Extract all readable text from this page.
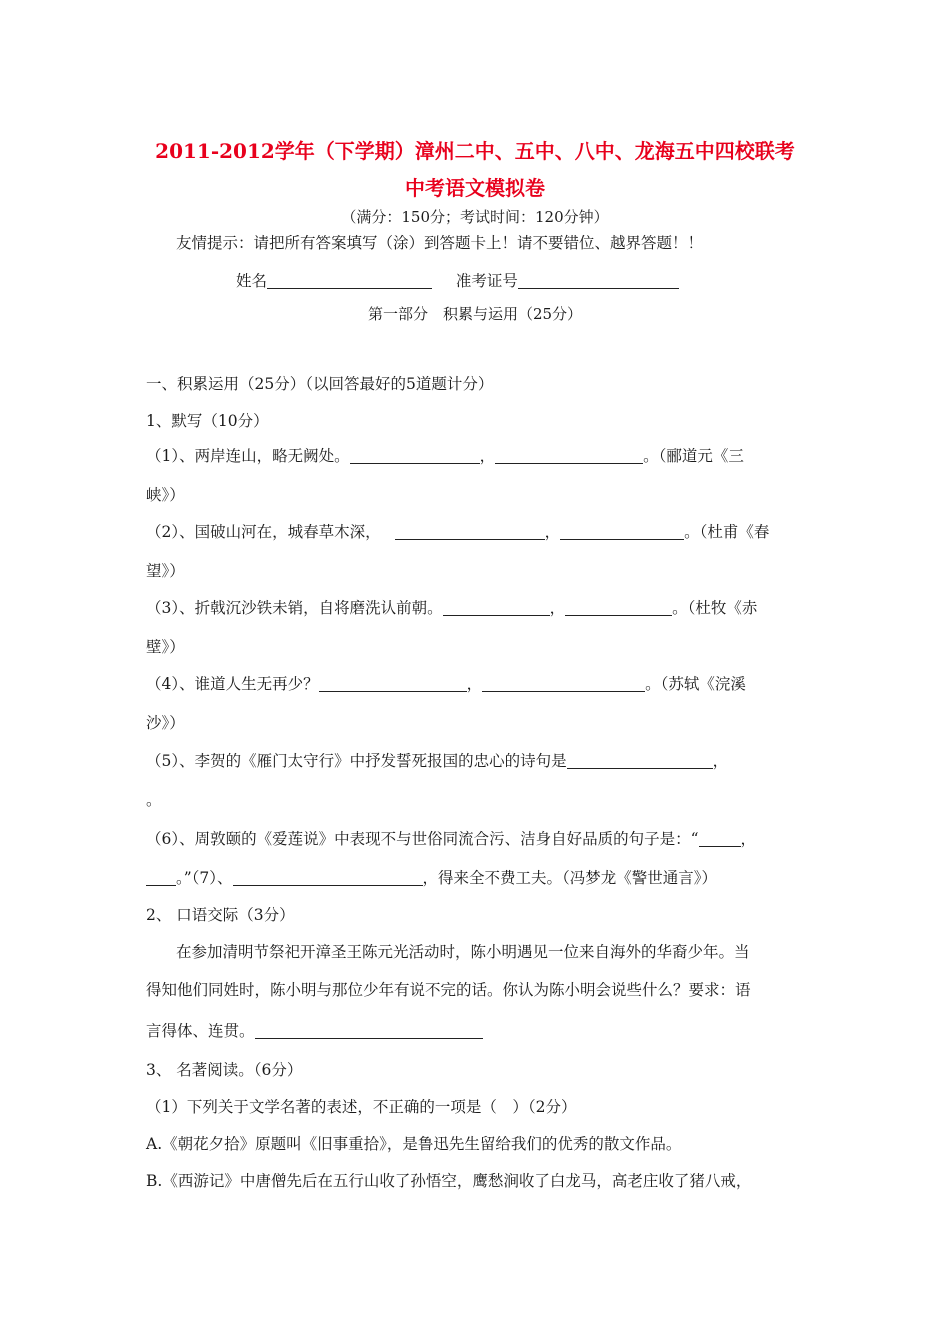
2011-2012学年（下学期）漳州二中、五中、八中、龙海五中四校联考
中考语文模拟卷
（满分：150分；考试时间：120分钟）
友情提示：请把所有答案填写（涂）到答题卡上！请不要错位、越界答题！！
姓名	准考证号
第一部分　积累与运用（25分）
一、积累运用（25分）（以回答最好的5道题计分）
1、默写（10分）
（1）、两岸连山，略无阙处。	，	。（郦道元《三
峡》）
（2）、国破山河在，城春草木深，	，	。（杜甫《春
望》）
（3）、折戟沉沙铁未销，自将磨洗认前朝。	，	。（杜牧《赤
壁》）
（4）、谁道人生无再少？	，	。（苏轼《浣溪
沙》）
（5）、李贺的《雁门太守行》中抒发誓死报国的忠心的诗句是	，
。
（6）、周敦颐的《爱莲说》中表现不与世俗同流合污、洁身自好品质的句子是：“	，
。”（7）、	，得来全不费工夫。（冯梦龙《警世通言》）
2、 口语交际（3分）
在参加清明节祭祀开漳圣王陈元光活动时，陈小明遇见一位来自海外的华裔少年。当
得知他们同姓时，陈小明与那位少年有说不完的话。你认为陈小明会说些什么？要求：语
言得体、连贯。
3、 名著阅读。（6分）
（1）下列关于文学名著的表述，不正确的一项是（　）（2分）
A.《朝花夕拾》原题叫《旧事重拾》，是鲁迅先生留给我们的优秀的散文作品。
B.《西游记》中唐僧先后在五行山收了孙悟空，鹰愁涧收了白龙马，高老庄收了猪八戒，
